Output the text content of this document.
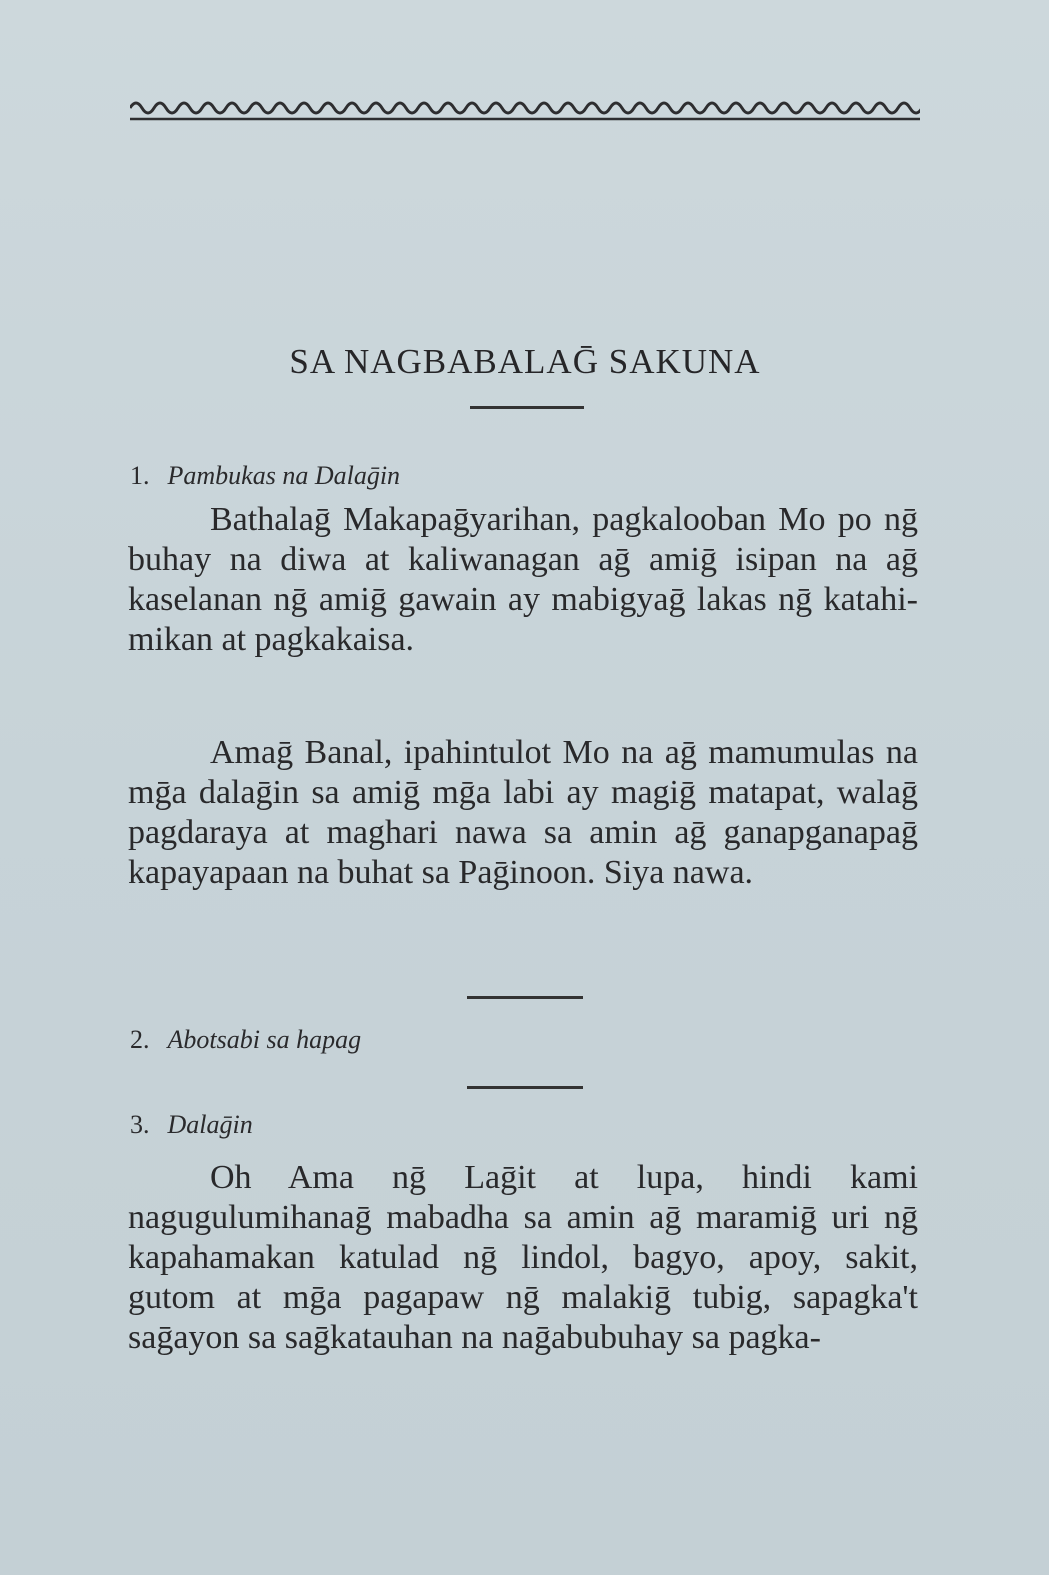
SA NAGBABALAḠ SAKUNA
1. Pambukas na Dalaḡin

Bathalaḡ Makapaḡyarihan, pagkalooban Mo po nḡ buhay na diwa at kaliwanagan aḡ amiḡ isipan na aḡ kaselanan nḡ amiḡ gawain ay mabigyaḡ lakas nḡ katahimikan at pagkakaisa.

Amaḡ Banal, ipahintulot Mo na aḡ mamumulas na mḡa dalaḡin sa amiḡ mḡa labi ay magiḡ matapat, walaḡ pagdaraya at maghari nawa sa amin aḡ ganapganapaḡ kapayapaan na buhat sa Paḡinoon. Siya nawa.

2. Abotsabi sa hapag
3. Dalaḡin

Oh Ama nḡ Laḡit at lupa, hindi kami nagugulumihanaḡ mabadha sa amin aḡ maramiḡ uri nḡ kapahamakan katulad nḡ lindol, bagyo, apoy, sakit, gutom at mḡa pagapaw nḡ malakiḡ tubig, sapagka't saḡayon sa saḡkatauhan na naḡabubuhay sa pagka-
